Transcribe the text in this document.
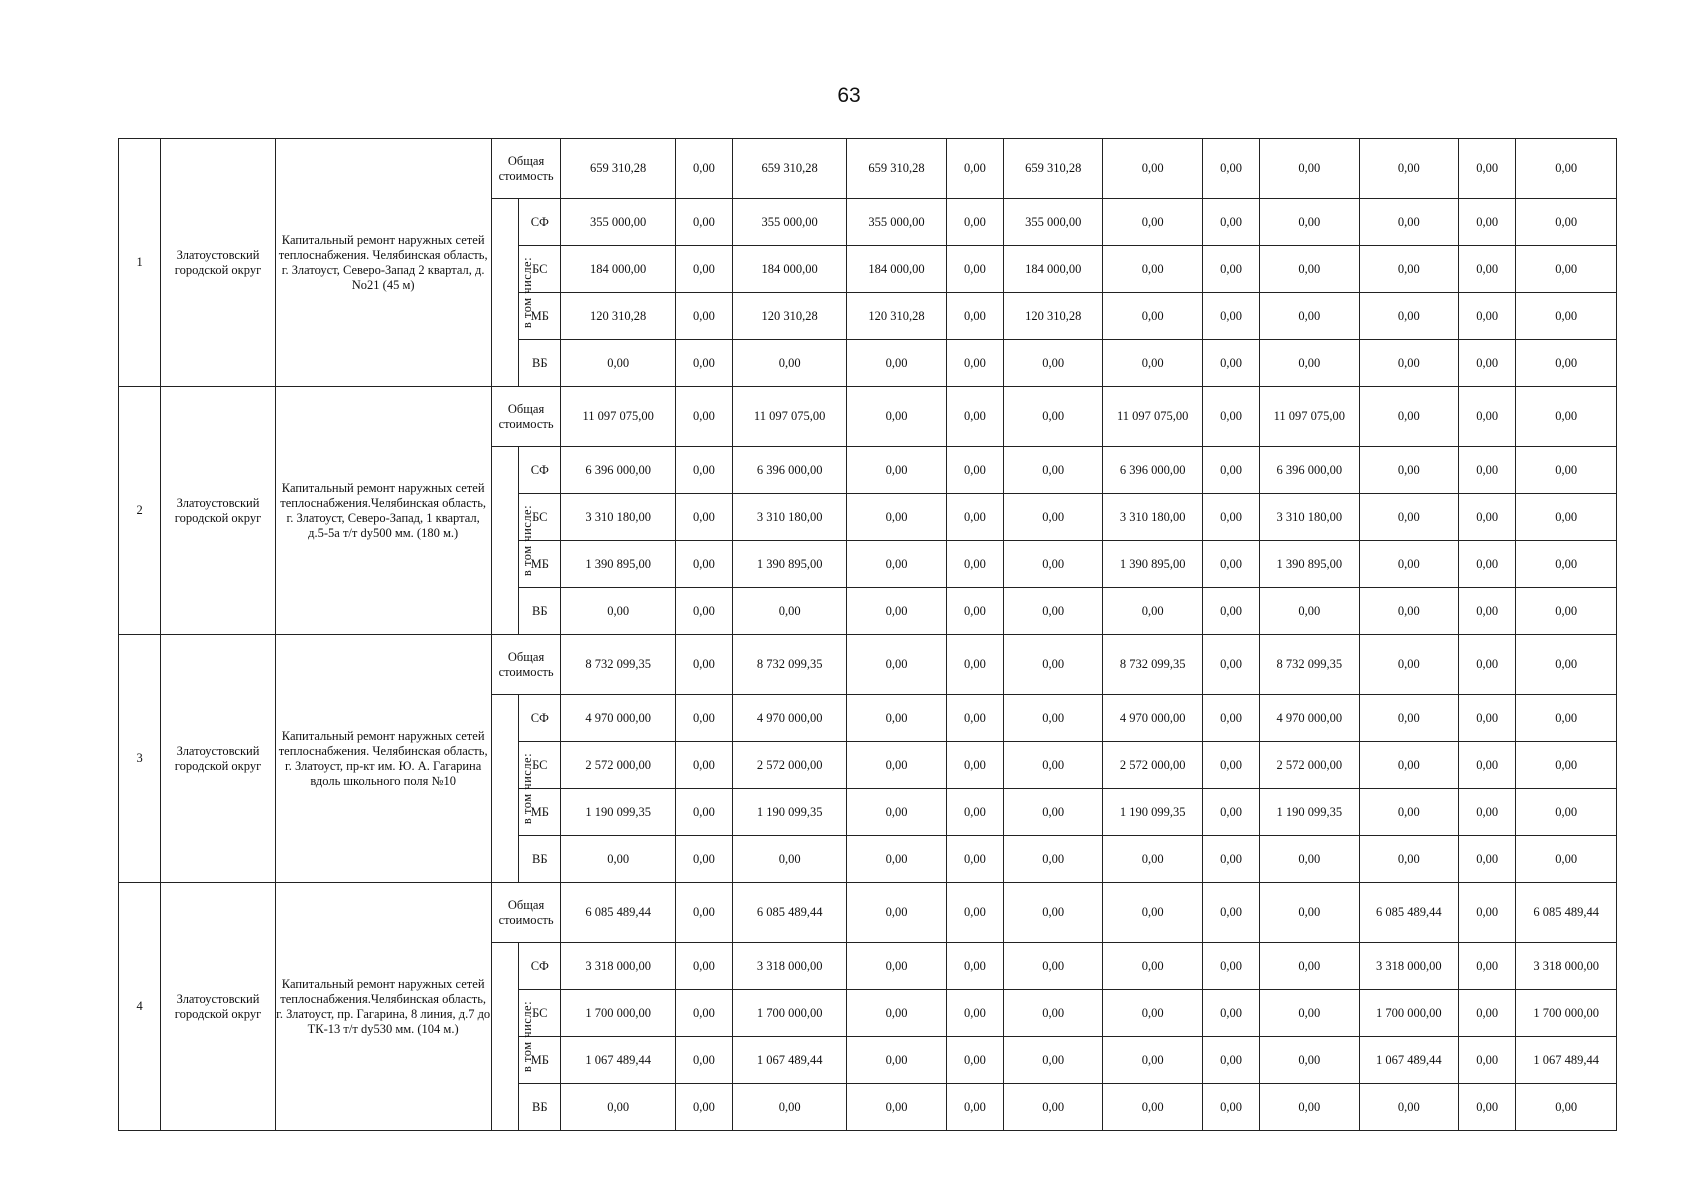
63
1	Златоустовский городской округ	Капитальный ремонт наружных сетей теплоснабжения. Челябинская область, г. Златоуст, Северо-Запад 2 квартал, д. No21 (45 м)	Общая стоимость		659 310,28	0,00	659 310,28	659 310,28	0,00	659 310,28	0,00	0,00	0,00	0,00	0,00	0,00
			в том числе:	СФ	355 000,00	0,00	355 000,00	355 000,00	0,00	355 000,00	0,00	0,00	0,00	0,00	0,00	0,00
				БС	184 000,00	0,00	184 000,00	184 000,00	0,00	184 000,00	0,00	0,00	0,00	0,00	0,00	0,00
				МБ	120 310,28	0,00	120 310,28	120 310,28	0,00	120 310,28	0,00	0,00	0,00	0,00	0,00	0,00
				ВБ	0,00	0,00	0,00	0,00	0,00	0,00	0,00	0,00	0,00	0,00	0,00	0,00
2	Златоустовский городской округ	Капитальный ремонт наружных сетей теплоснабжения.Челябинская область, г. Златоуст, Северо-Запад, 1 квартал, д.5-5а т/т dy500 мм. (180 м.)	Общая стоимость		11 097 075,00	0,00	11 097 075,00	0,00	0,00	0,00	11 097 075,00	0,00	11 097 075,00	0,00	0,00	0,00
			в том числе:	СФ	6 396 000,00	0,00	6 396 000,00	0,00	0,00	0,00	6 396 000,00	0,00	6 396 000,00	0,00	0,00	0,00
				БС	3 310 180,00	0,00	3 310 180,00	0,00	0,00	0,00	3 310 180,00	0,00	3 310 180,00	0,00	0,00	0,00
				МБ	1 390 895,00	0,00	1 390 895,00	0,00	0,00	0,00	1 390 895,00	0,00	1 390 895,00	0,00	0,00	0,00
				ВБ	0,00	0,00	0,00	0,00	0,00	0,00	0,00	0,00	0,00	0,00	0,00	0,00
3	Златоустовский городской округ	Капитальный ремонт наружных сетей теплоснабжения. Челябинская область, г. Златоуст, пр-кт им. Ю. А. Гагарина вдоль школьного поля №10	Общая стоимость		8 732 099,35	0,00	8 732 099,35	0,00	0,00	0,00	8 732 099,35	0,00	8 732 099,35	0,00	0,00	0,00
			в том числе:	СФ	4 970 000,00	0,00	4 970 000,00	0,00	0,00	0,00	4 970 000,00	0,00	4 970 000,00	0,00	0,00	0,00
				БС	2 572 000,00	0,00	2 572 000,00	0,00	0,00	0,00	2 572 000,00	0,00	2 572 000,00	0,00	0,00	0,00
				МБ	1 190 099,35	0,00	1 190 099,35	0,00	0,00	0,00	1 190 099,35	0,00	1 190 099,35	0,00	0,00	0,00
				ВБ	0,00	0,00	0,00	0,00	0,00	0,00	0,00	0,00	0,00	0,00	0,00	0,00
4	Златоустовский городской округ	Капитальный ремонт наружных сетей теплоснабжения.Челябинская область, г. Златоуст, пр. Гагарина, 8 линия, д.7 до ТК-13 т/т dy530 мм. (104 м.)	Общая стоимость		6 085 489,44	0,00	6 085 489,44	0,00	0,00	0,00	0,00	0,00	0,00	6 085 489,44	0,00	6 085 489,44
			в том числе:	СФ	3 318 000,00	0,00	3 318 000,00	0,00	0,00	0,00	0,00	0,00	0,00	3 318 000,00	0,00	3 318 000,00
				БС	1 700 000,00	0,00	1 700 000,00	0,00	0,00	0,00	0,00	0,00	0,00	1 700 000,00	0,00	1 700 000,00
				МБ	1 067 489,44	0,00	1 067 489,44	0,00	0,00	0,00	0,00	0,00	0,00	1 067 489,44	0,00	1 067 489,44
				ВБ	0,00	0,00	0,00	0,00	0,00	0,00	0,00	0,00	0,00	0,00	0,00	0,00
